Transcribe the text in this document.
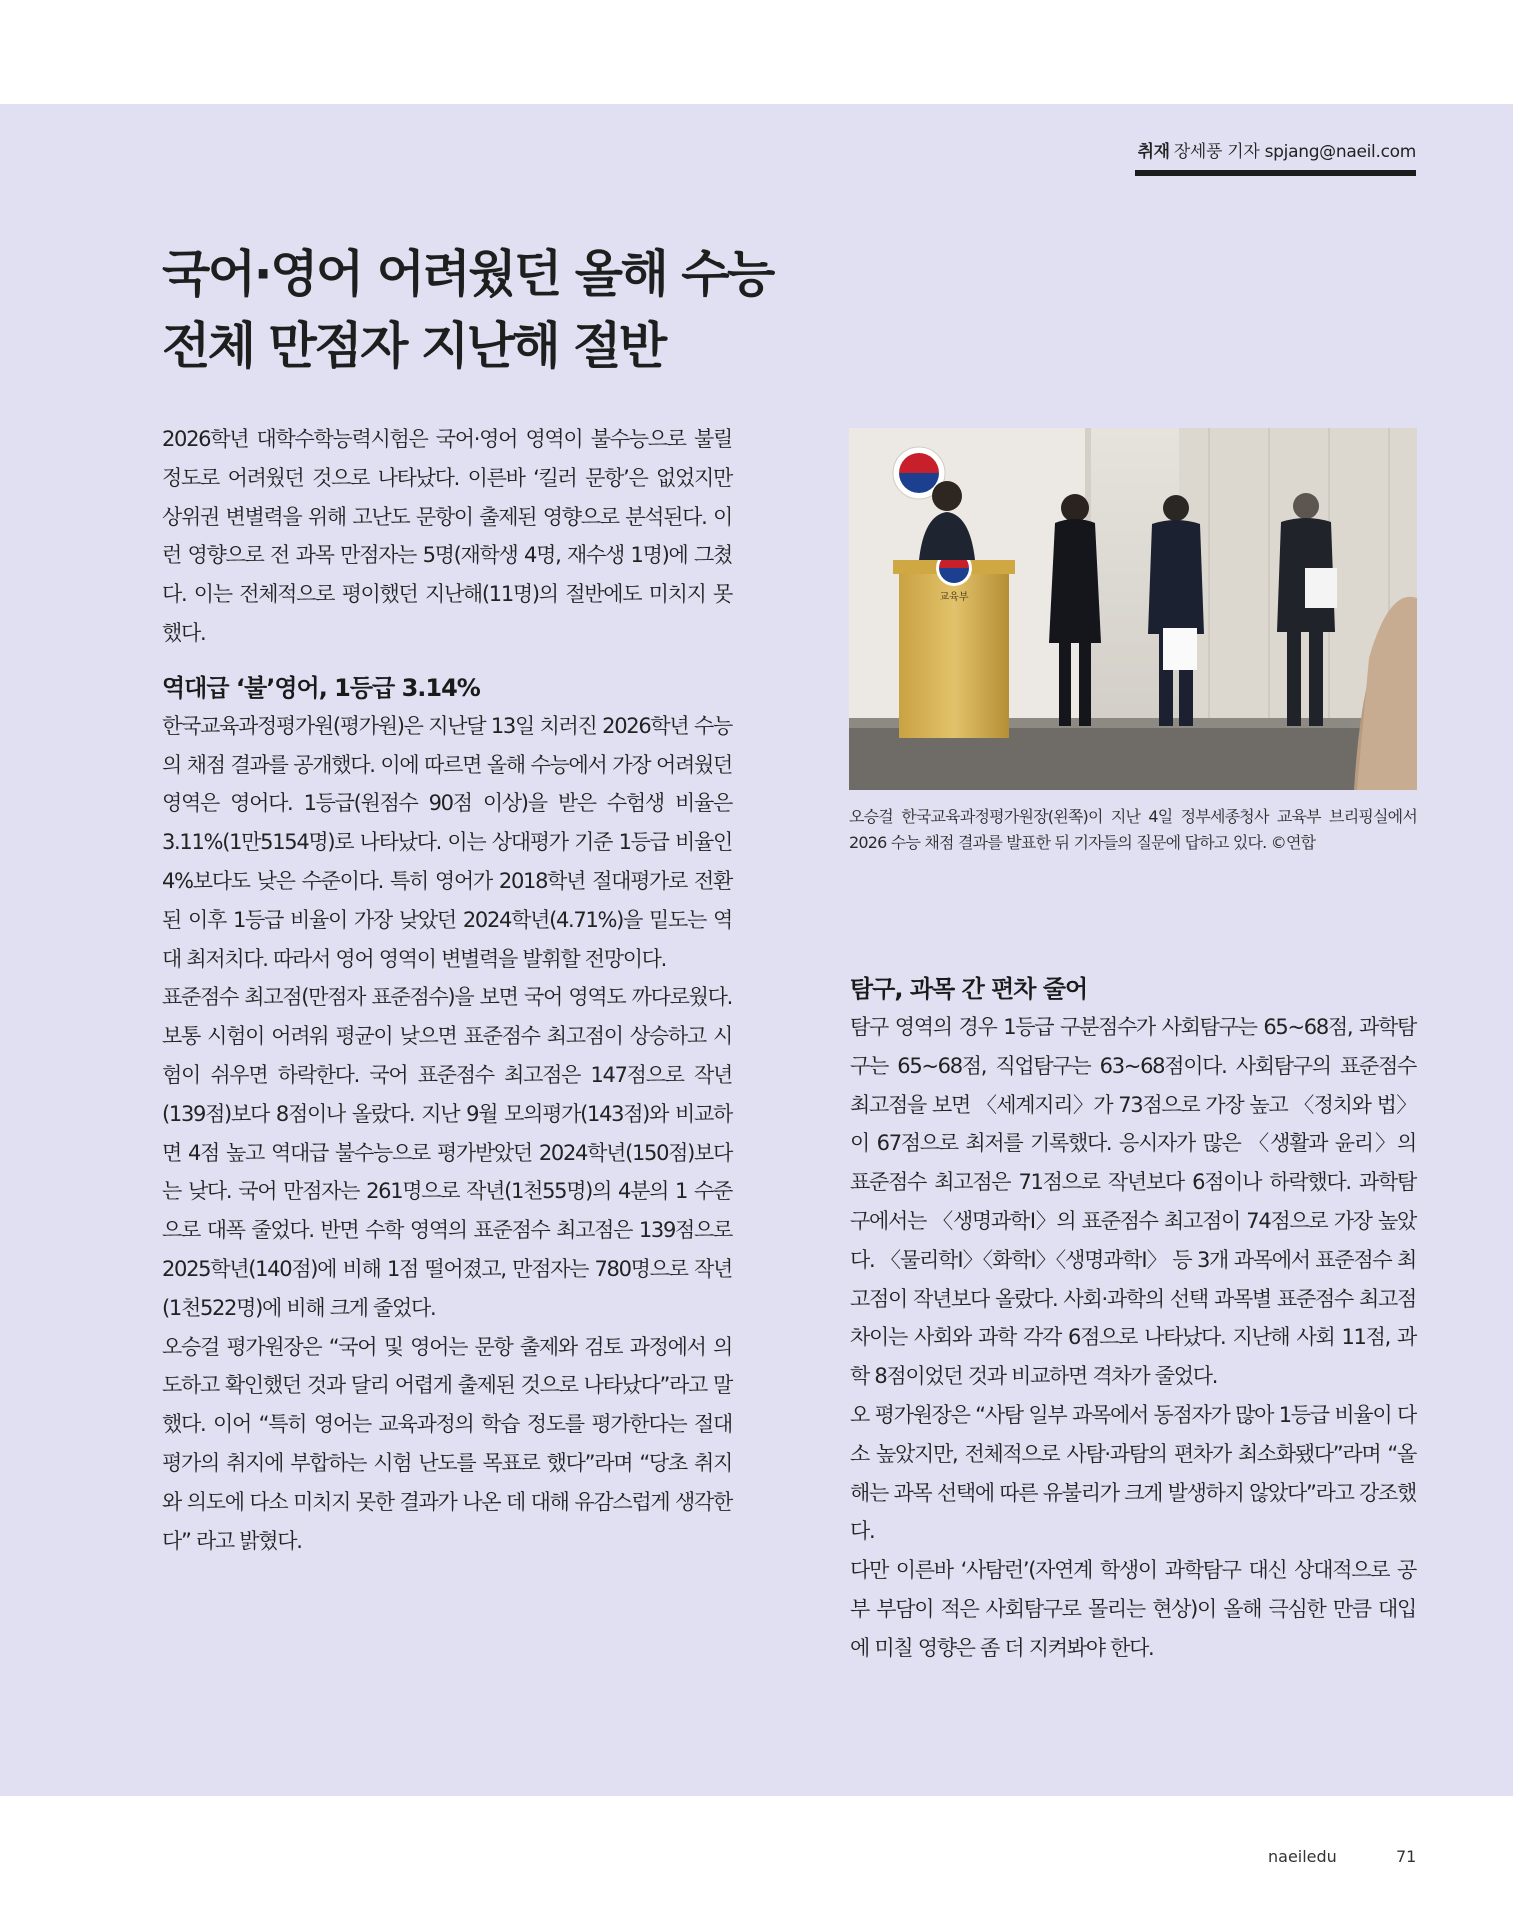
취재 장세풍 기자 spjang@naeil.com
국어·영어 어려웠던 올해 수능
전체 만점자 지난해 절반

2026학년 대학수학능력시험은 국어·영어 영역이 불수능으로 불릴 정도로 어려웠던 것으로 나타났다. 이른바 ‘킬러 문항’은 없었지만 상위권 변별력을 위해 고난도 문항이 출제된 영향으로 분석된다. 이런 영향으로 전 과목 만점자는 5명(재학생 4명, 재수생 1명)에 그쳤다. 이는 전체적으로 평이했던 지난해(11명)의 절반에도 미치지 못했다.

역대급 ‘불’영어, 1등급 3.14%

한국교육과정평가원(평가원)은 지난달 13일 치러진 2026학년 수능의 채점 결과를 공개했다. 이에 따르면 올해 수능에서 가장 어려웠던 영역은 영어다. 1등급(원점수 90점 이상)을 받은 수험생 비율은 3.11%(1만5154명)로 나타났다. 이는 상대평가 기준 1등급 비율인 4%보다도 낮은 수준이다. 특히 영어가 2018학년 절대평가로 전환된 이후 1등급 비율이 가장 낮았던 2024학년(4.71%)을 밑도는 역대 최저치다. 따라서 영어 영역이 변별력을 발휘할 전망이다.

표준점수 최고점(만점자 표준점수)을 보면 국어 영역도 까다로웠다. 보통 시험이 어려워 평균이 낮으면 표준점수 최고점이 상승하고 시험이 쉬우면 하락한다. 국어 표준점수 최고점은 147점으로 작년(139점)보다 8점이나 올랐다. 지난 9월 모의평가(143점)와 비교하면 4점 높고 역대급 불수능으로 평가받았던 2024학년(150점)보다는 낮다. 국어 만점자는 261명으로 작년(1천55명)의 4분의 1 수준으로 대폭 줄었다. 반면 수학 영역의 표준점수 최고점은 139점으로 2025학년(140점)에 비해 1점 떨어졌고, 만점자는 780명으로 작년(1천522명)에 비해 크게 줄었다.

오승걸 평가원장은 “국어 및 영어는 문항 출제와 검토 과정에서 의도하고 확인했던 것과 달리 어렵게 출제된 것으로 나타났다”라고 말했다. 이어 “특히 영어는 교육과정의 학습 정도를 평가한다는 절대평가의 취지에 부합하는 시험 난도를 목표로 했다”라며 “당초 취지와 의도에 다소 미치지 못한 결과가 나온 데 대해 유감스럽게 생각한다” 라고 밝혔다.

교육부
오승걸 한국교육과정평가원장(왼쪽)이 지난 4일 정부세종청사 교육부 브리핑실에서 2026 수능 채점 결과를 발표한 뒤 기자들의 질문에 답하고 있다. ©연합

탐구, 과목 간 편차 줄어

탐구 영역의 경우 1등급 구분점수가 사회탐구는 65~68점, 과학탐구는 65~68점, 직업탐구는 63~68점이다. 사회탐구의 표준점수 최고점을 보면 〈세계지리〉가 73점으로 가장 높고 〈정치와 법〉이 67점으로 최저를 기록했다. 응시자가 많은 〈생활과 윤리〉의 표준점수 최고점은 71점으로 작년보다 6점이나 하락했다. 과학탐구에서는 〈생명과학Ⅰ〉의 표준점수 최고점이 74점으로 가장 높았다. 〈물리학Ⅰ〉〈화학Ⅰ〉〈생명과학Ⅰ〉 등 3개 과목에서 표준점수 최고점이 작년보다 올랐다. 사회·과학의 선택 과목별 표준점수 최고점 차이는 사회와 과학 각각 6점으로 나타났다. 지난해 사회 11점, 과학 8점이었던 것과 비교하면 격차가 줄었다.

오 평가원장은 “사탐 일부 과목에서 동점자가 많아 1등급 비율이 다소 높았지만, 전체적으로 사탐·과탐의 편차가 최소화됐다”라며 “올해는 과목 선택에 따른 유불리가 크게 발생하지 않았다”라고 강조했다.

다만 이른바 ‘사탐런’(자연계 학생이 과학탐구 대신 상대적으로 공부 부담이 적은 사회탐구로 몰리는 현상)이 올해 극심한 만큼 대입에 미칠 영향은 좀 더 지켜봐야 한다.

naeiledu	71
